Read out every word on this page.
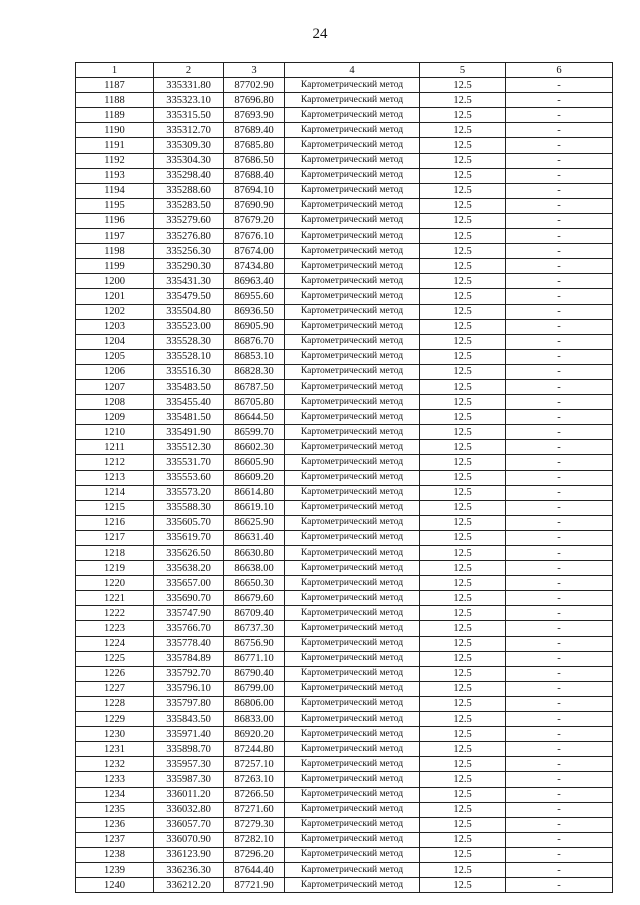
24
1	2	3	4	5	6
1187	335331.80	87702.90	Картометрический метод	12.5	-
1188	335323.10	87696.80	Картометрический метод	12.5	-
1189	335315.50	87693.90	Картометрический метод	12.5	-
1190	335312.70	87689.40	Картометрический метод	12.5	-
1191	335309.30	87685.80	Картометрический метод	12.5	-
1192	335304.30	87686.50	Картометрический метод	12.5	-
1193	335298.40	87688.40	Картометрический метод	12.5	-
1194	335288.60	87694.10	Картометрический метод	12.5	-
1195	335283.50	87690.90	Картометрический метод	12.5	-
1196	335279.60	87679.20	Картометрический метод	12.5	-
1197	335276.80	87676.10	Картометрический метод	12.5	-
1198	335256.30	87674.00	Картометрический метод	12.5	-
1199	335290.30	87434.80	Картометрический метод	12.5	-
1200	335431.30	86963.40	Картометрический метод	12.5	-
1201	335479.50	86955.60	Картометрический метод	12.5	-
1202	335504.80	86936.50	Картометрический метод	12.5	-
1203	335523.00	86905.90	Картометрический метод	12.5	-
1204	335528.30	86876.70	Картометрический метод	12.5	-
1205	335528.10	86853.10	Картометрический метод	12.5	-
1206	335516.30	86828.30	Картометрический метод	12.5	-
1207	335483.50	86787.50	Картометрический метод	12.5	-
1208	335455.40	86705.80	Картометрический метод	12.5	-
1209	335481.50	86644.50	Картометрический метод	12.5	-
1210	335491.90	86599.70	Картометрический метод	12.5	-
1211	335512.30	86602.30	Картометрический метод	12.5	-
1212	335531.70	86605.90	Картометрический метод	12.5	-
1213	335553.60	86609.20	Картометрический метод	12.5	-
1214	335573.20	86614.80	Картометрический метод	12.5	-
1215	335588.30	86619.10	Картометрический метод	12.5	-
1216	335605.70	86625.90	Картометрический метод	12.5	-
1217	335619.70	86631.40	Картометрический метод	12.5	-
1218	335626.50	86630.80	Картометрический метод	12.5	-
1219	335638.20	86638.00	Картометрический метод	12.5	-
1220	335657.00	86650.30	Картометрический метод	12.5	-
1221	335690.70	86679.60	Картометрический метод	12.5	-
1222	335747.90	86709.40	Картометрический метод	12.5	-
1223	335766.70	86737.30	Картометрический метод	12.5	-
1224	335778.40	86756.90	Картометрический метод	12.5	-
1225	335784.89	86771.10	Картометрический метод	12.5	-
1226	335792.70	86790.40	Картометрический метод	12.5	-
1227	335796.10	86799.00	Картометрический метод	12.5	-
1228	335797.80	86806.00	Картометрический метод	12.5	-
1229	335843.50	86833.00	Картометрический метод	12.5	-
1230	335971.40	86920.20	Картометрический метод	12.5	-
1231	335898.70	87244.80	Картометрический метод	12.5	-
1232	335957.30	87257.10	Картометрический метод	12.5	-
1233	335987.30	87263.10	Картометрический метод	12.5	-
1234	336011.20	87266.50	Картометрический метод	12.5	-
1235	336032.80	87271.60	Картометрический метод	12.5	-
1236	336057.70	87279.30	Картометрический метод	12.5	-
1237	336070.90	87282.10	Картометрический метод	12.5	-
1238	336123.90	87296.20	Картометрический метод	12.5	-
1239	336236.30	87644.40	Картометрический метод	12.5	-
1240	336212.20	87721.90	Картометрический метод	12.5	-
